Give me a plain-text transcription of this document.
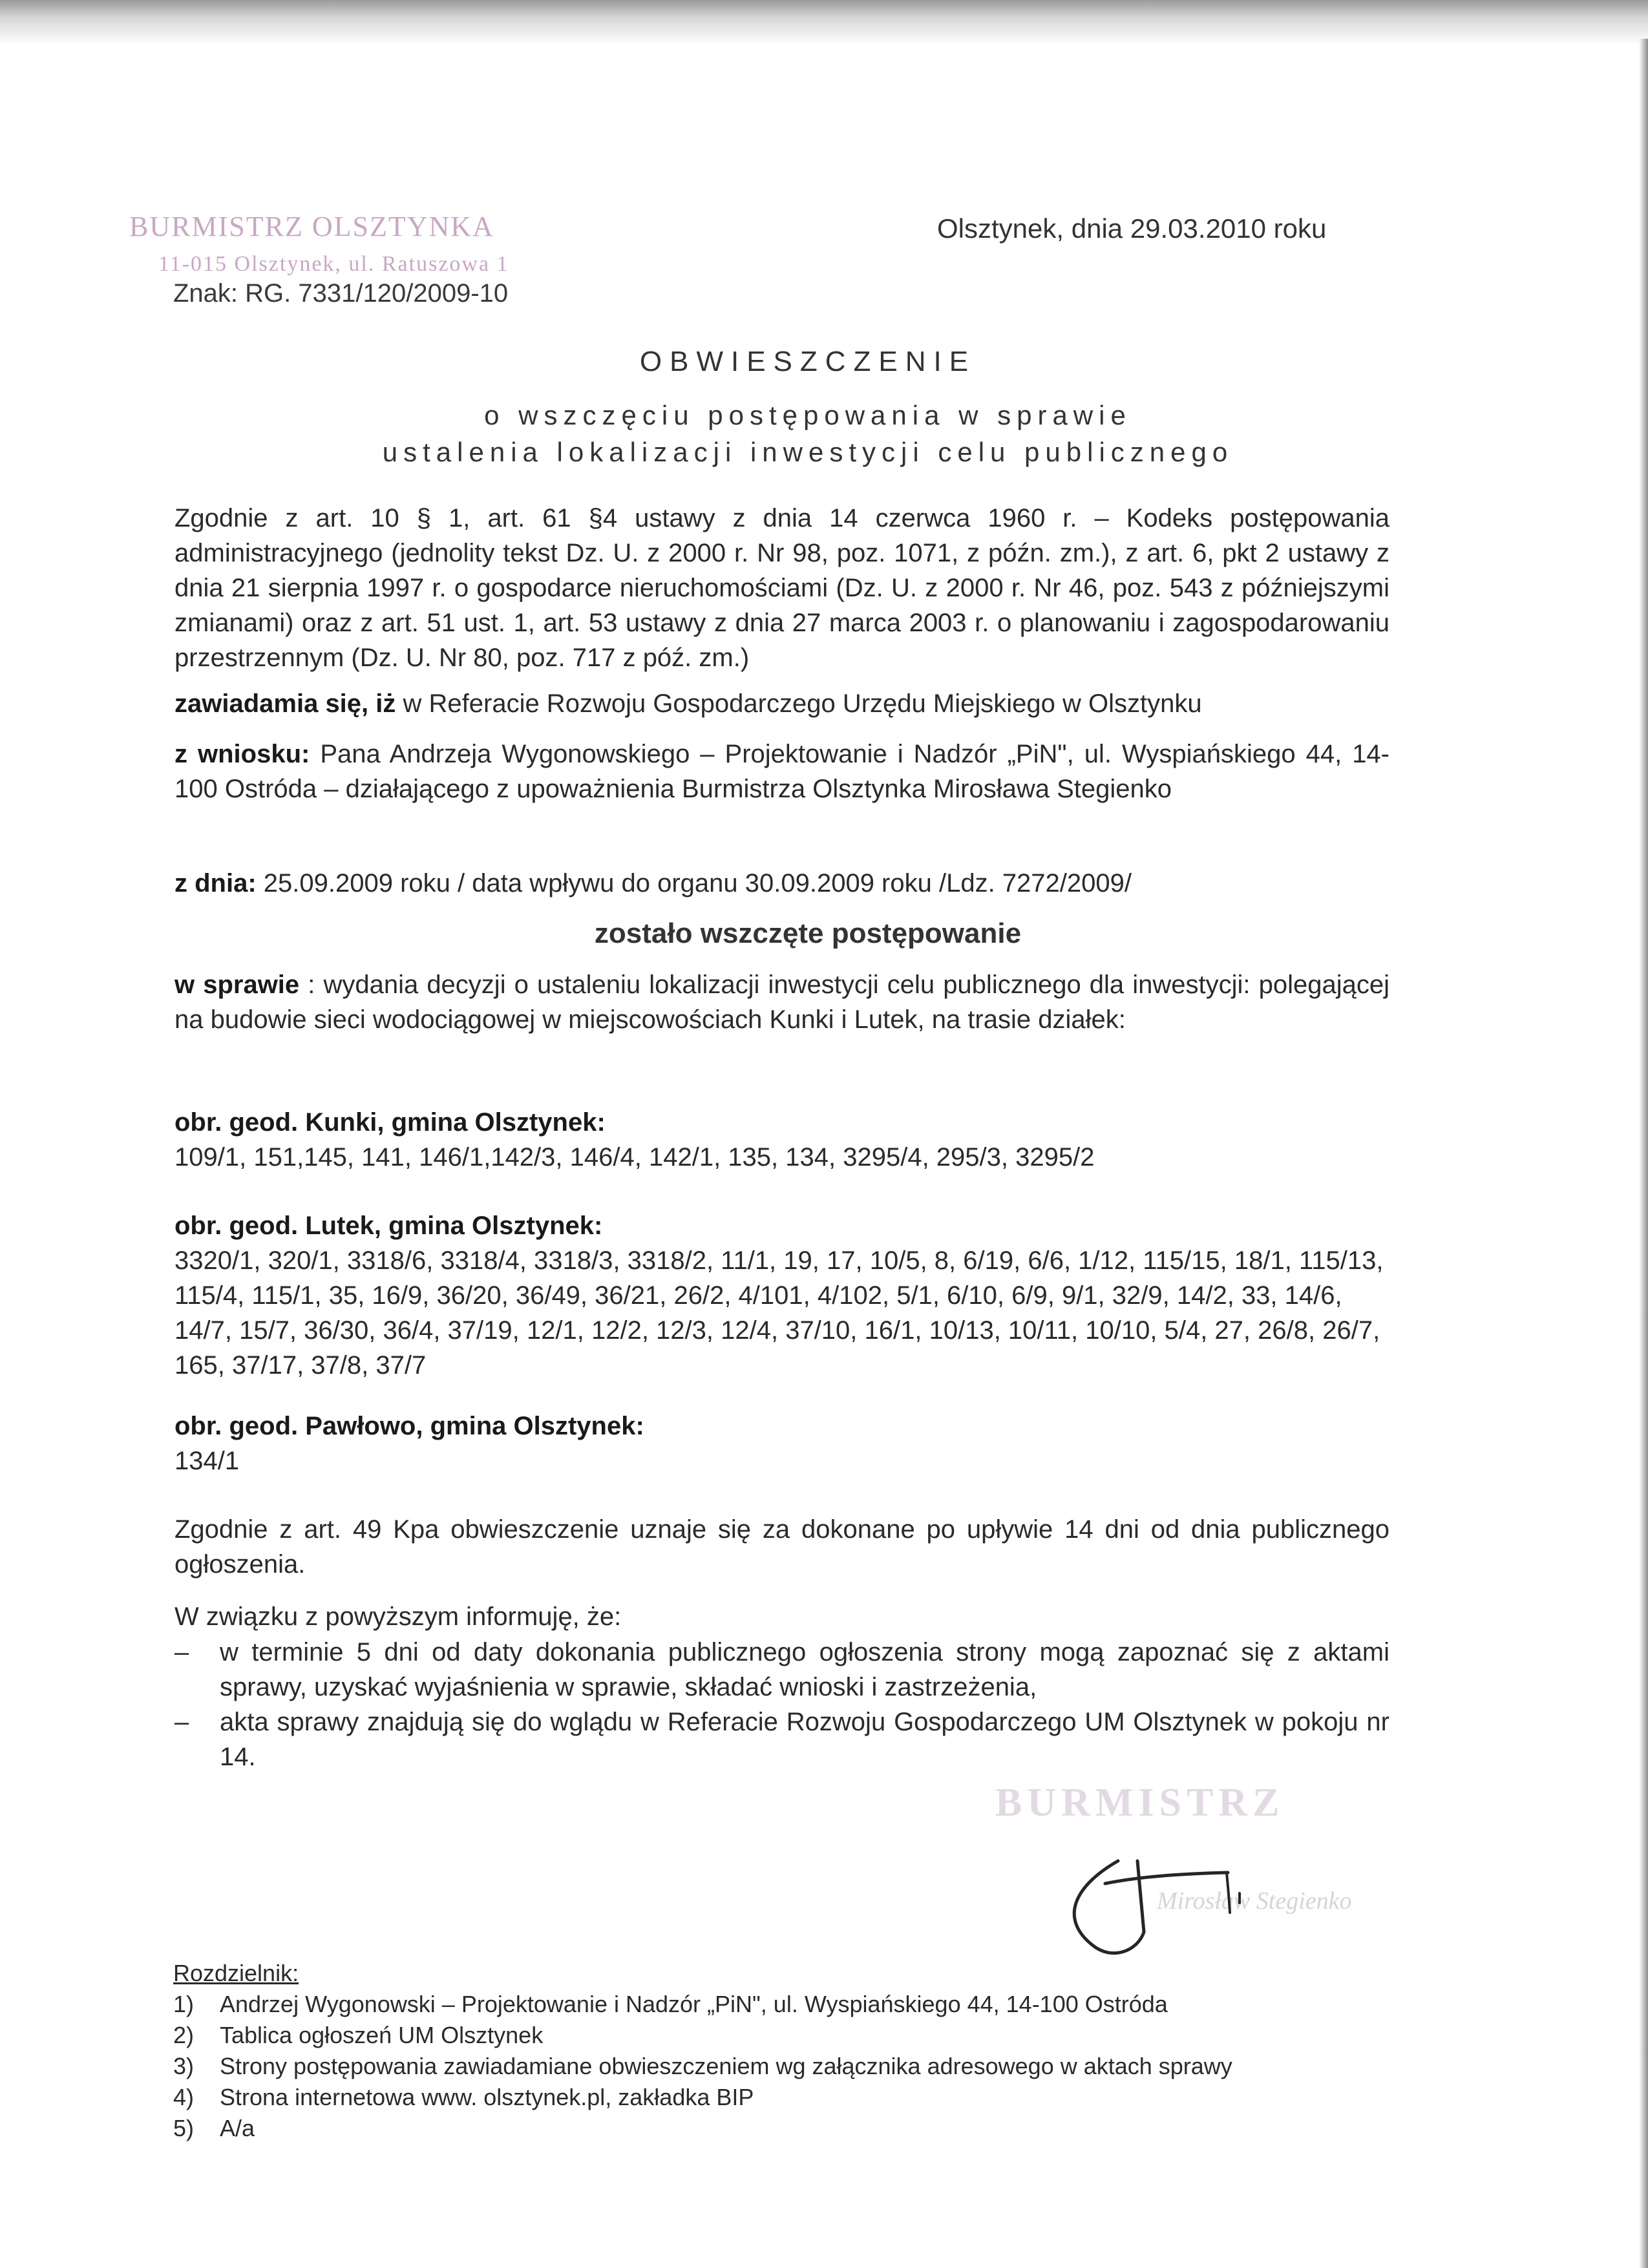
BURMISTRZ OLSZTYNKA
11-015 Olsztynek, ul. Ratuszowa 1
Olsztynek, dnia 29.03.2010 roku
Znak: RG. 7331/120/2009-10
OBWIESZCZENIE
o wszczęciu postępowania w sprawie
ustalenia lokalizacji inwestycji celu publicznego
Zgodnie z art. 10 § 1, art. 61 §4 ustawy z dnia 14 czerwca 1960 r. – Kodeks postępowania administracyjnego (jednolity tekst Dz. U. z 2000 r. Nr 98, poz. 1071, z późn. zm.), z art. 6, pkt 2 ustawy z dnia 21 sierpnia 1997 r. o gospodarce nieruchomościami (Dz. U. z 2000 r. Nr 46, poz. 543 z późniejszymi zmianami) oraz z art. 51 ust. 1, art. 53 ustawy z dnia 27 marca 2003 r. o planowaniu i zagospodarowaniu przestrzennym (Dz. U. Nr 80, poz. 717 z póź. zm.)
zawiadamia się, iż w Referacie Rozwoju Gospodarczego Urzędu Miejskiego w Olsztynku
z wniosku: Pana Andrzeja Wygonowskiego – Projektowanie i Nadzór „PiN", ul. Wyspiańskiego 44, 14-100 Ostróda – działającego z upoważnienia Burmistrza Olsztynka Mirosława Stegienko
z dnia: 25.09.2009 roku / data wpływu do organu 30.09.2009 roku /Ldz. 7272/2009/
zostało wszczęte postępowanie
w sprawie : wydania decyzji o ustaleniu lokalizacji inwestycji celu publicznego dla inwestycji: polegającej na budowie sieci wodociągowej w miejscowościach Kunki i Lutek, na trasie działek:
obr. geod. Kunki, gmina Olsztynek:
109/1, 151,145, 141, 146/1,142/3, 146/4, 142/1, 135, 134, 3295/4, 295/3, 3295/2
obr. geod. Lutek, gmina Olsztynek:
3320/1, 320/1, 3318/6, 3318/4, 3318/3, 3318/2, 11/1, 19, 17, 10/5, 8, 6/19, 6/6, 1/12, 115/15, 18/1, 115/13, 115/4, 115/1, 35, 16/9, 36/20, 36/49, 36/21, 26/2, 4/101, 4/102, 5/1, 6/10, 6/9, 9/1, 32/9, 14/2, 33, 14/6, 14/7, 15/7, 36/30, 36/4, 37/19, 12/1, 12/2, 12/3, 12/4, 37/10, 16/1, 10/13, 10/11, 10/10, 5/4, 27, 26/8, 26/7, 165, 37/17, 37/8, 37/7
obr. geod. Pawłowo, gmina Olsztynek:
134/1
Zgodnie z art. 49 Kpa obwieszczenie uznaje się za dokonane po upływie 14 dni od dnia publicznego ogłoszenia.
W związku z powyższym informuję, że:
–	w terminie 5 dni od daty dokonania publicznego ogłoszenia strony mogą zapoznać się z aktami sprawy, uzyskać wyjaśnienia w sprawie, składać wnioski i zastrzeżenia,
–	akta sprawy znajdują się do wglądu w Referacie Rozwoju Gospodarczego UM Olsztynek w pokoju nr 14.
BURMISTRZ
Mirosław Stegienko
Rozdzielnik:
1)	Andrzej Wygonowski – Projektowanie i Nadzór „PiN", ul. Wyspiańskiego 44, 14-100 Ostróda
2)	Tablica ogłoszeń UM Olsztynek
3)	Strony postępowania zawiadamiane obwieszczeniem wg załącznika adresowego w aktach sprawy
4)	Strona internetowa www. olsztynek.pl, zakładka BIP
5)	A/a
